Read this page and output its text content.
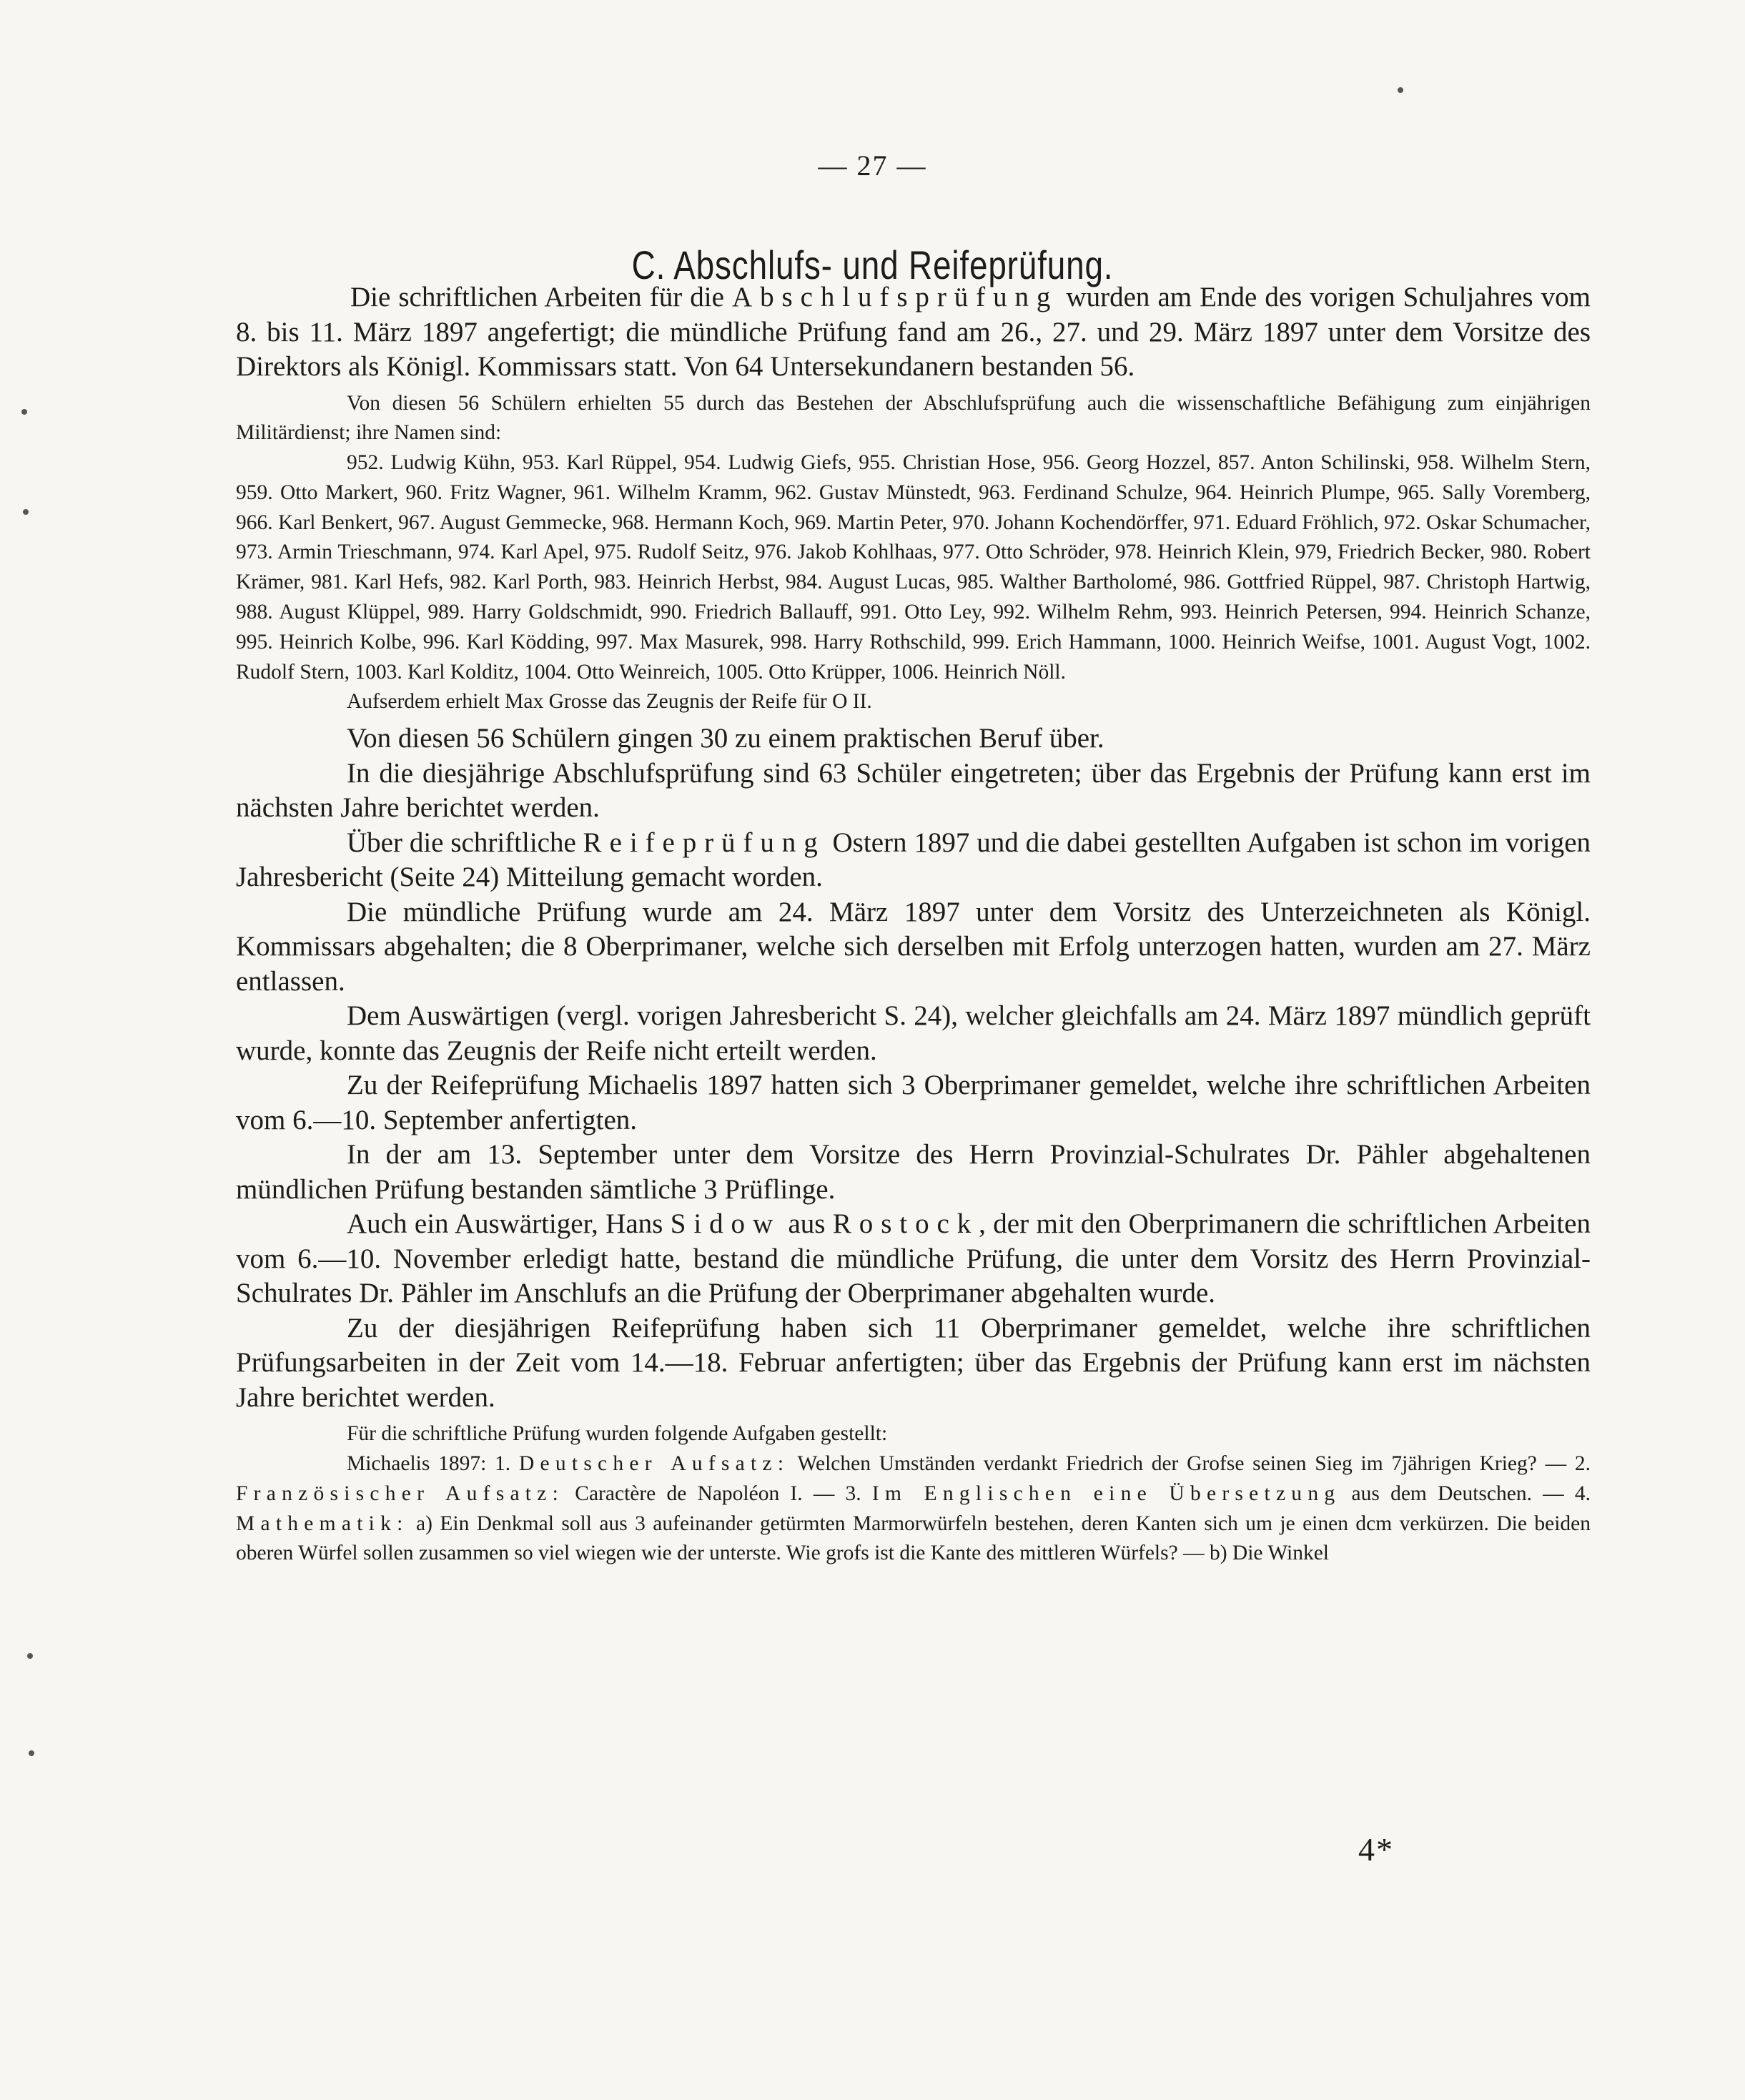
— 27 —
C. Abschlufs- und Reifeprüfung.

Die schriftlichen Arbeiten für die Abschlufsprüfung wurden am Ende des vorigen Schuljahres vom 8. bis 11. März 1897 angefertigt; die mündliche Prüfung fand am 26., 27. und 29. März 1897 unter dem Vorsitze des Direktors als Königl. Kommissars statt. Von 64 Untersekundanern bestanden 56.

Von diesen 56 Schülern erhielten 55 durch das Bestehen der Abschlufsprüfung auch die wissenschaftliche Befähigung zum einjährigen Militärdienst; ihre Namen sind:

952. Ludwig Kühn, 953. Karl Rüppel, 954. Ludwig Giefs, 955. Christian Hose, 956. Georg Hozzel, 857. Anton Schilinski, 958. Wilhelm Stern, 959. Otto Markert, 960. Fritz Wagner, 961. Wilhelm Kramm, 962. Gustav Münstedt, 963. Ferdinand Schulze, 964. Heinrich Plumpe, 965. Sally Voremberg, 966. Karl Benkert, 967. August Gemmecke, 968. Hermann Koch, 969. Martin Peter, 970. Johann Kochendörffer, 971. Eduard Fröhlich, 972. Oskar Schumacher, 973. Armin Trieschmann, 974. Karl Apel, 975. Rudolf Seitz, 976. Jakob Kohlhaas, 977. Otto Schröder, 978. Heinrich Klein, 979, Friedrich Becker, 980. Robert Krämer, 981. Karl Hefs, 982. Karl Porth, 983. Heinrich Herbst, 984. August Lucas, 985. Walther Bartholomé, 986. Gottfried Rüppel, 987. Christoph Hartwig, 988. August Klüppel, 989. Harry Goldschmidt, 990. Friedrich Ballauff, 991. Otto Ley, 992. Wilhelm Rehm, 993. Heinrich Petersen, 994. Heinrich Schanze, 995. Heinrich Kolbe, 996. Karl Ködding, 997. Max Masurek, 998. Harry Rothschild, 999. Erich Hammann, 1000. Heinrich Weifse, 1001. August Vogt, 1002. Rudolf Stern, 1003. Karl Kolditz, 1004. Otto Weinreich, 1005. Otto Krüpper, 1006. Heinrich Nöll.

Aufserdem erhielt Max Grosse das Zeugnis der Reife für O II.

Von diesen 56 Schülern gingen 30 zu einem praktischen Beruf über.

In die diesjährige Abschlufsprüfung sind 63 Schüler eingetreten; über das Ergebnis der Prüfung kann erst im nächsten Jahre berichtet werden.

Über die schriftliche Reifeprüfung Ostern 1897 und die dabei gestellten Aufgaben ist schon im vorigen Jahresbericht (Seite 24) Mitteilung gemacht worden.

Die mündliche Prüfung wurde am 24. März 1897 unter dem Vorsitz des Unterzeichneten als Königl. Kommissars abgehalten; die 8 Oberprimaner, welche sich derselben mit Erfolg unterzogen hatten, wurden am 27. März entlassen.

Dem Auswärtigen (vergl. vorigen Jahresbericht S. 24), welcher gleichfalls am 24. März 1897 mündlich geprüft wurde, konnte das Zeugnis der Reife nicht erteilt werden.

Zu der Reifeprüfung Michaelis 1897 hatten sich 3 Oberprimaner gemeldet, welche ihre schriftlichen Arbeiten vom 6.—10. September anfertigten.

In der am 13. September unter dem Vorsitze des Herrn Provinzial-Schulrates Dr. Pähler abgehaltenen mündlichen Prüfung bestanden sämtliche 3 Prüflinge.

Auch ein Auswärtiger, Hans Sidow aus Rostock, der mit den Oberprimanern die schriftlichen Arbeiten vom 6.—10. November erledigt hatte, bestand die mündliche Prüfung, die unter dem Vorsitz des Herrn Provinzial-Schulrates Dr. Pähler im Anschlufs an die Prüfung der Oberprimaner abgehalten wurde.

Zu der diesjährigen Reifeprüfung haben sich 11 Oberprimaner gemeldet, welche ihre schriftlichen Prüfungsarbeiten in der Zeit vom 14.—18. Februar anfertigten; über das Ergebnis der Prüfung kann erst im nächsten Jahre berichtet werden.

Für die schriftliche Prüfung wurden folgende Aufgaben gestellt:

Michaelis 1897: 1. Deutscher Aufsatz: Welchen Umständen verdankt Friedrich der Grofse seinen Sieg im 7jährigen Krieg? — 2. Französischer Aufsatz: Caractère de Napoléon I. — 3. Im Englischen eine Übersetzung aus dem Deutschen. — 4. Mathematik: a) Ein Denkmal soll aus 3 aufeinander getürmten Marmorwürfeln bestehen, deren Kanten sich um je einen dcm verkürzen. Die beiden oberen Würfel sollen zusammen so viel wiegen wie der unterste. Wie grofs ist die Kante des mittleren Würfels? — b) Die Winkel

4*
